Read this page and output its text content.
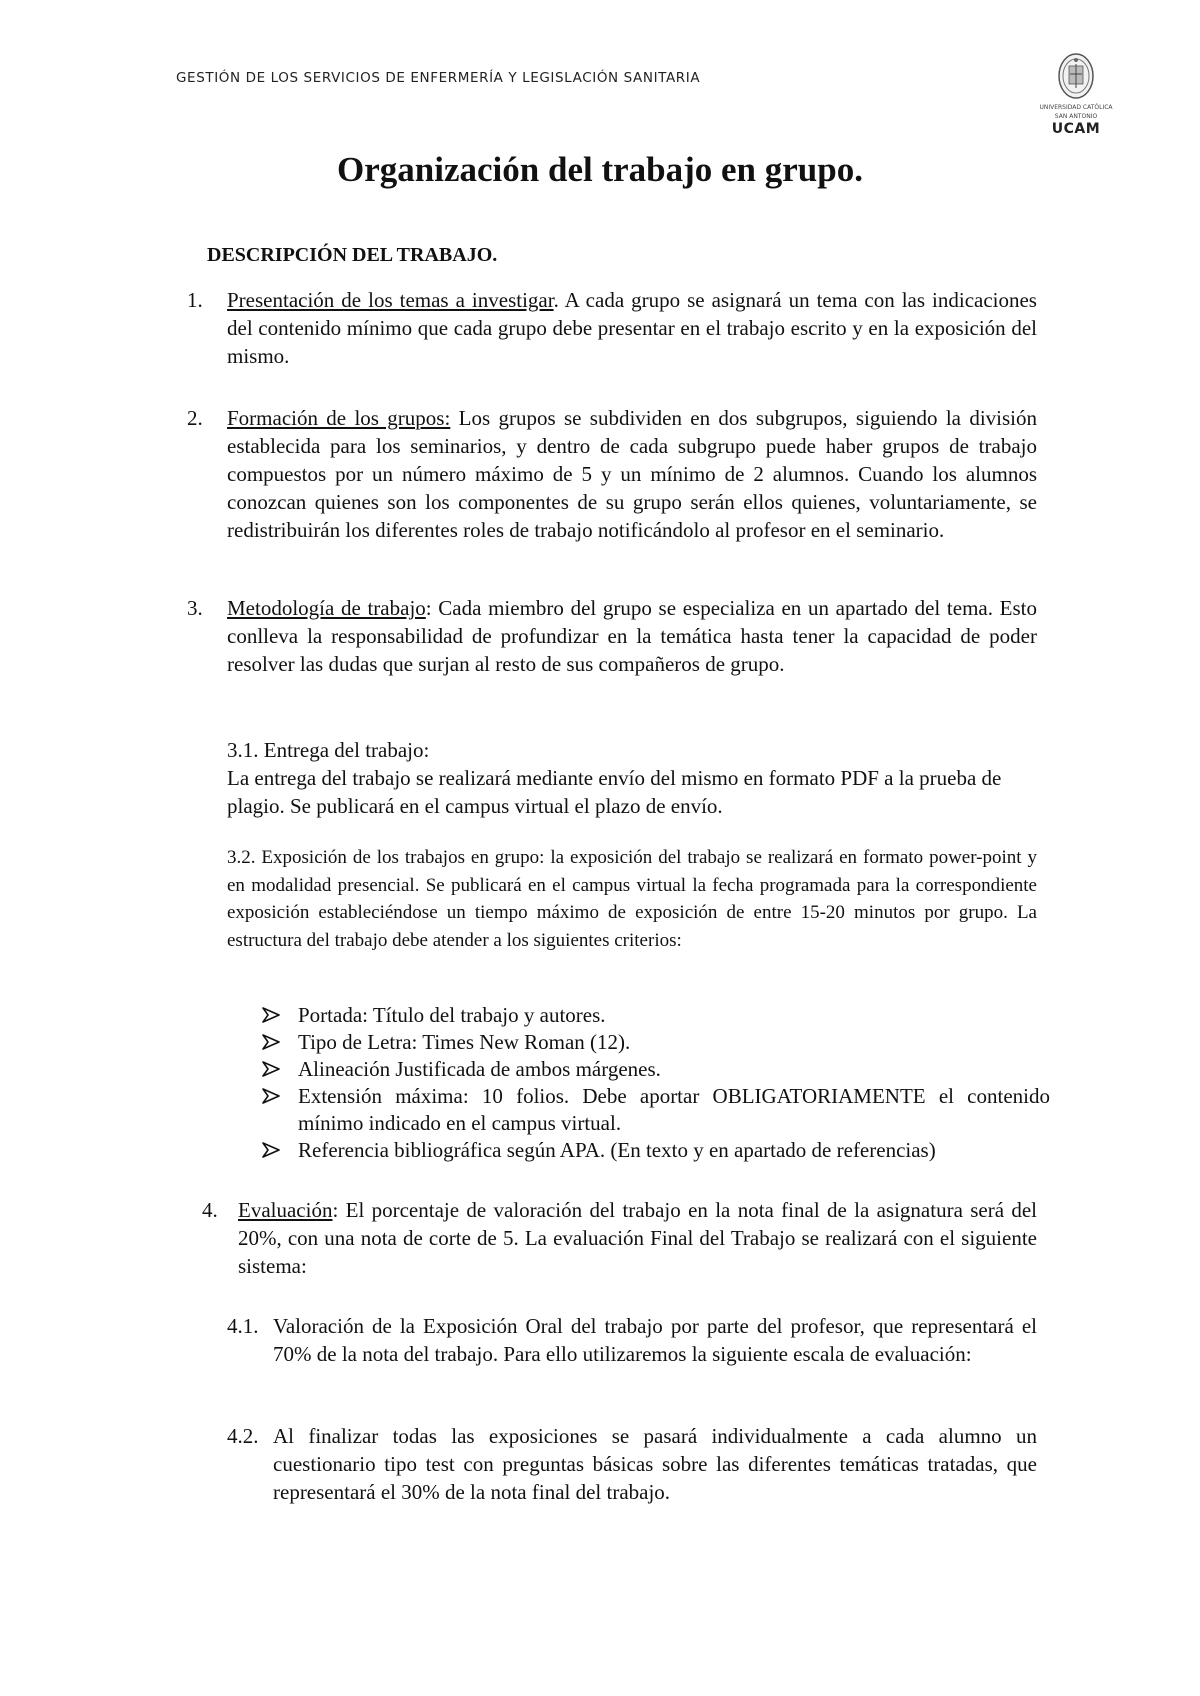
GESTIÓN DE LOS SERVICIOS DE ENFERMERÍA Y LEGISLACIÓN SANITARIA
UNIVERSIDAD CATÓLICA
SAN ANTONIO
UCAM
Organización del trabajo en grupo.
DESCRIPCIÓN DEL TRABAJO.
1. Presentación de los temas a investigar. A cada grupo se asignará un tema con las indicaciones del contenido mínimo que cada grupo debe presentar en el trabajo escrito y en la exposición del mismo.
2. Formación de los grupos: Los grupos se subdividen en dos subgrupos, siguiendo la división establecida para los seminarios, y dentro de cada subgrupo puede haber grupos de trabajo compuestos por un número máximo de 5 y un mínimo de 2 alumnos. Cuando los alumnos conozcan quienes son los componentes de su grupo serán ellos quienes, voluntariamente, se redistribuirán los diferentes roles de trabajo notificándolo al profesor en el seminario.
3. Metodología de trabajo: Cada miembro del grupo se especializa en un apartado del tema. Esto conlleva la responsabilidad de profundizar en la temática hasta tener la capacidad de poder resolver las dudas que surjan al resto de sus compañeros de grupo.
3.1. Entrega del trabajo:
La entrega del trabajo se realizará mediante envío del mismo en formato PDF a la prueba de plagio. Se publicará en el campus virtual el plazo de envío.
3.2. Exposición de los trabajos en grupo: la exposición del trabajo se realizará en formato power-point y en modalidad presencial. Se publicará en el campus virtual la fecha programada para la correspondiente exposición estableciéndose un tiempo máximo de exposición de entre 15-20 minutos por grupo. La estructura del trabajo debe atender a los siguientes criterios:
Portada: Título del trabajo y autores.
Tipo de Letra: Times New Roman (12).
Alineación Justificada de ambos márgenes.
Extensión máxima: 10 folios. Debe aportar OBLIGATORIAMENTE el contenido mínimo indicado en el campus virtual.
Referencia bibliográfica según APA. (En texto y en apartado de referencias)
4. Evaluación: El porcentaje de valoración del trabajo en la nota final de la asignatura será del 20%, con una nota de corte de 5. La evaluación Final del Trabajo se realizará con el siguiente sistema:
4.1. Valoración de la Exposición Oral del trabajo por parte del profesor, que representará el 70% de la nota del trabajo. Para ello utilizaremos la siguiente escala de evaluación:
4.2. Al finalizar todas las exposiciones se pasará individualmente a cada alumno un cuestionario tipo test con preguntas básicas sobre las diferentes temáticas tratadas, que representará el 30% de la nota final del trabajo.
